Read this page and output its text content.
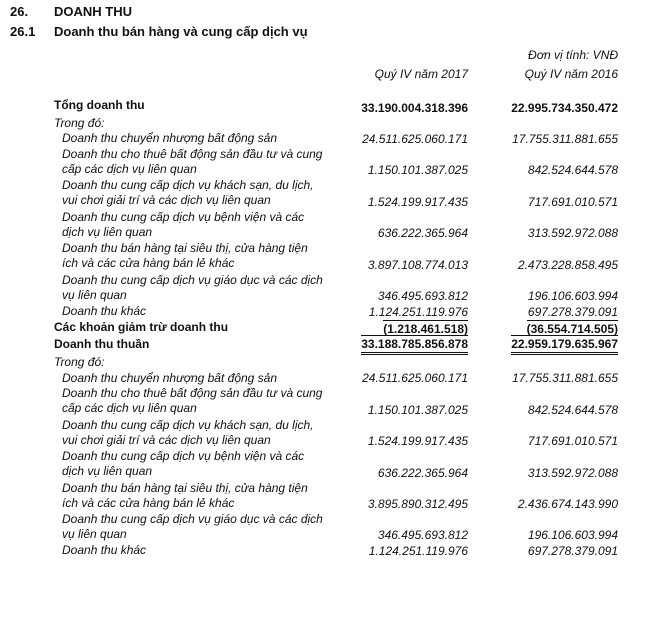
26. DOANH THU
26.1 Doanh thu bán hàng và cung cấp dịch vụ
Đơn vị tính: VNĐ
Quý IV năm 2017	Quý IV năm 2016
Tổng doanh thu	33.190.004.318.396	22.995.734.350.472
Trong đó:
Doanh thu chuyển nhượng bất động sản	24.511.625.060.171	17.755.311.881.655
Doanh thu cho thuê bất động sản đầu tư và cung
cấp các dịch vụ liên quan	1.150.101.387.025	842.524.644.578
Doanh thu cung cấp dịch vụ khách sạn, du lịch,
vui chơi giải trí và các dịch vụ liên quan	1.524.199.917.435	717.691.010.571
Doanh thu cung cấp dịch vụ bệnh viện và các
dịch vụ liên quan	636.222.365.964	313.592.972.088
Doanh thu bán hàng tại siêu thị, cửa hàng tiện
ích và các cửa hàng bán lẻ khác	3.897.108.774.013	2.473.228.858.495
Doanh thu cung cấp dịch vụ giáo dục và các dịch
vụ liên quan	346.495.693.812	196.106.603.994
Doanh thu khác	1.124.251.119.976	697.278.379.091
Các khoản giảm trừ doanh thu	(1.218.461.518)	(36.554.714.505)
Doanh thu thuần	33.188.785.856.878	22.959.179.635.967
Trong đó:
Doanh thu chuyển nhượng bất động sản	24.511.625.060.171	17.755.311.881.655
Doanh thu cho thuê bất động sản đầu tư và cung
cấp các dịch vụ liên quan	1.150.101.387.025	842.524.644.578
Doanh thu cung cấp dịch vụ khách sạn, du lịch,
vui chơi giải trí và các dịch vụ liên quan	1.524.199.917.435	717.691.010.571
Doanh thu cung cấp dịch vụ bệnh viện và các
dịch vụ liên quan	636.222.365.964	313.592.972.088
Doanh thu bán hàng tại siêu thị, cửa hàng tiện
ích và các cửa hàng bán lẻ khác	3.895.890.312.495	2.436.674.143.990
Doanh thu cung cấp dịch vụ giáo dục và các dịch
vụ liên quan	346.495.693.812	196.106.603.994
Doanh thu khác	1.124.251.119.976	697.278.379.091
